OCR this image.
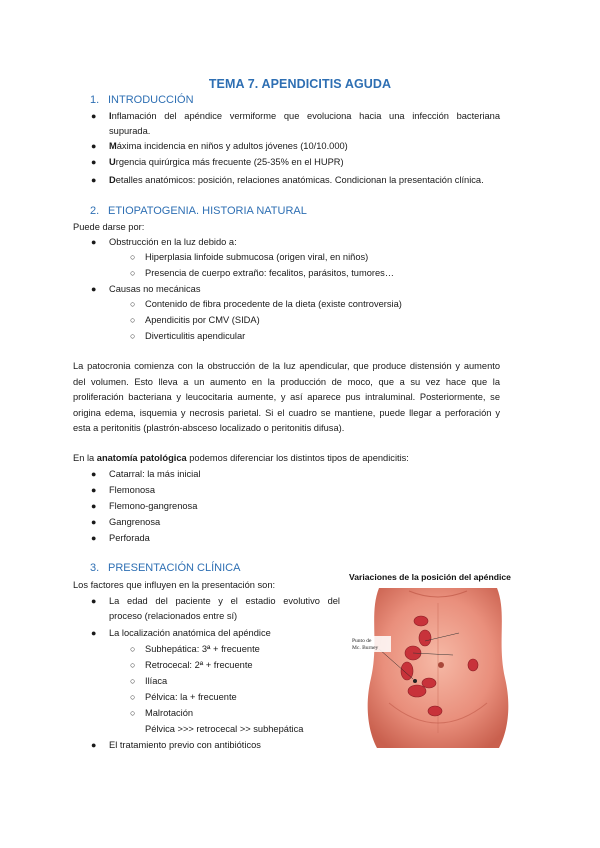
TEMA 7. APENDICITIS AGUDA
1. INTRODUCCIÓN
● Inflamación del apéndice vermiforme que evoluciona hacia una infección bacteriana
supurada.
● Máxima incidencia en niños y adultos jóvenes (10/10.000)
● Urgencia quirúrgica más frecuente (25-35% en el HUPR)
● Detalles anatómicos: posición, relaciones anatómicas. Condicionan la presentación clínica.
2. ETIOPATOGENIA. HISTORIA NATURAL
Puede darse por:
● Obstrucción en la luz debido a:
○ Hiperplasia linfoide submucosa (origen viral, en niños)
○ Presencia de cuerpo extraño: fecalitos, parásitos, tumores…
● Causas no mecánicas
○ Contenido de fibra procedente de la dieta (existe controversia)
○ Apendicitis por CMV (SIDA)
○ Diverticulitis apendicular
La patocronia comienza con la obstrucción de la luz apendicular, que produce distensión y aumento
del volumen. Esto lleva a un aumento en la producción de moco, que a su vez hace que la
proliferación bacteriana y leucocitaria aumente, y así aparece pus intraluminal. Posteriormente, se
origina edema, isquemia y necrosis parietal. Si el cuadro se mantiene, puede llegar a perforación y
esta a peritonitis (plastrón-absceso localizado o peritonitis difusa).
En la anatomía patológica podemos diferenciar los distintos tipos de apendicitis:
● Catarral: la más inicial
● Flemonosa
● Flemono-gangrenosa
● Gangrenosa
● Perforada
3. PRESENTACIÓN CLÍNICA
Los factores que influyen en la presentación son:
● La edad del paciente y el estadio evolutivo del
proceso (relacionados entre sí)
● La localización anatómica del apéndice
○ Subhepática: 3ª + frecuente
○ Retrocecal: 2ª + frecuente
○ Ilíaca
○ Pélvica: la + frecuente
○ Malrotación
Pélvica >>> retrocecal >> subhepática
● El tratamiento previo con antibióticos
Variaciones de la posición del apéndice
Punto de
Mc. Burney
